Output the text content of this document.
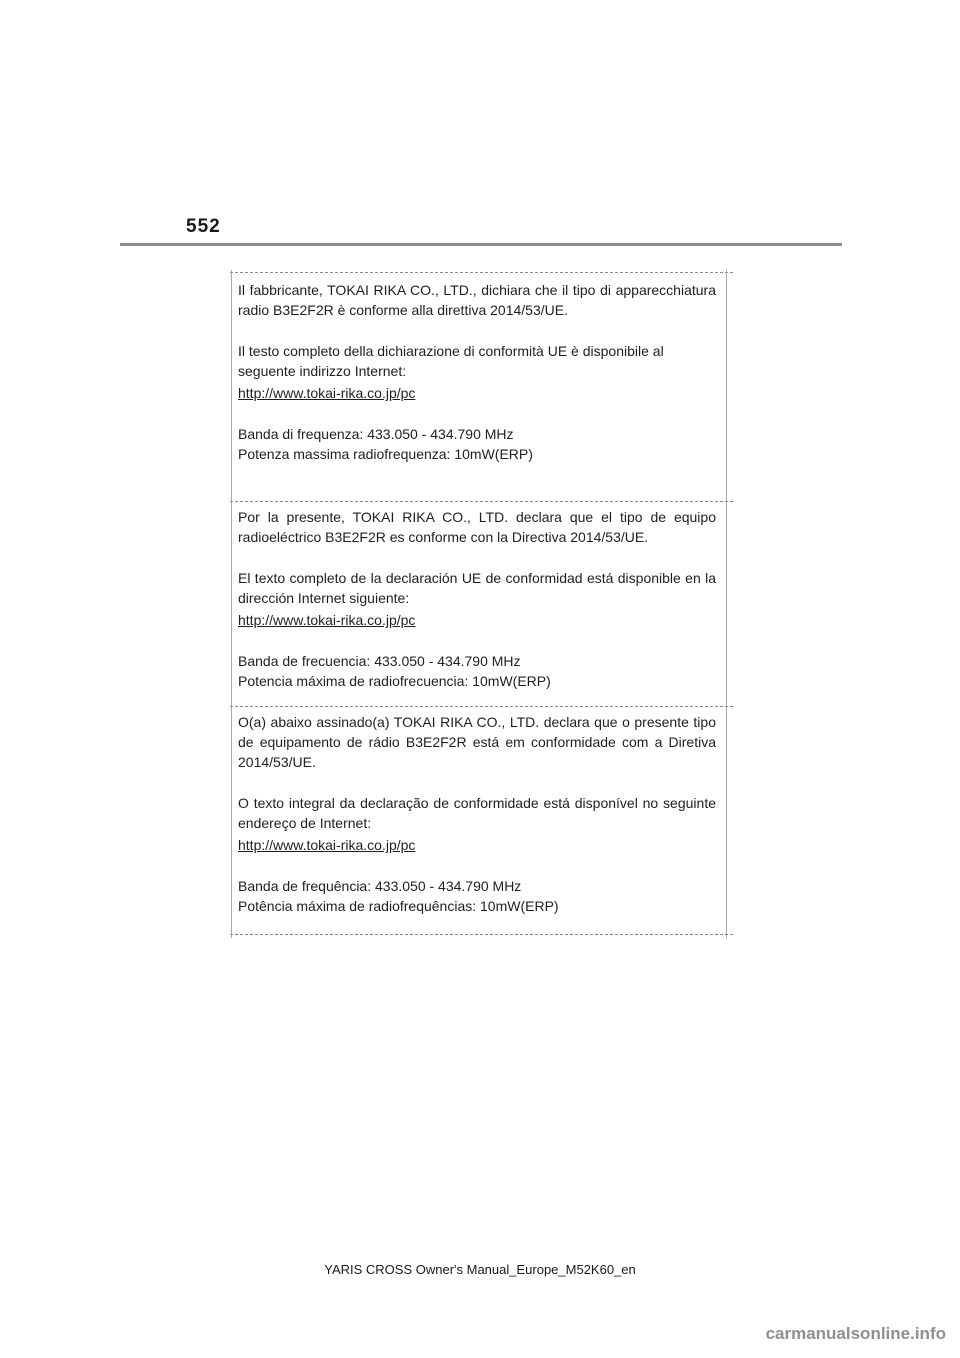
552

Il fabbricante, TOKAI RIKA CO., LTD., dichiara che il tipo di apparecchiatura radio B3E2F2R è conforme alla direttiva 2014/53/UE.

Il testo completo della dichiarazione di conformità UE è disponibile al seguente indirizzo Internet:

http://www.tokai-rika.co.jp/pc

Banda di frequenza: 433.050 - 434.790 MHz

Potenza massima radiofrequenza: 10mW(ERP)

Por la presente, TOKAI RIKA CO., LTD. declara que el tipo de equipo radioeléctrico B3E2F2R es conforme con la Directiva 2014/53/UE.

El texto completo de la declaración UE de conformidad está disponible en la dirección Internet siguiente:

http://www.tokai-rika.co.jp/pc

Banda de frecuencia: 433.050 - 434.790 MHz

Potencia máxima de radiofrecuencia: 10mW(ERP)

O(a) abaixo assinado(a) TOKAI RIKA CO., LTD. declara que o presente tipo de equipamento de rádio B3E2F2R está em conformidade com a Diretiva 2014/53/UE.

O texto integral da declaração de conformidade está disponível no seguinte endereço de Internet:

http://www.tokai-rika.co.jp/pc

Banda de frequência: 433.050 - 434.790 MHz

Potência máxima de radiofrequências: 10mW(ERP)

YARIS CROSS Owner's Manual_Europe_M52K60_en
carmanualsonline.info
